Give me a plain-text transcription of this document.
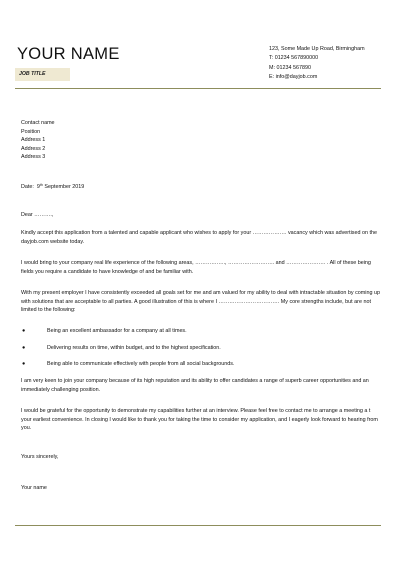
YOUR NAME
JOB TITLE
123, Some Made Up Road, Birmingham
T: 01234 567890000
M: 01234 567890
E: info@dayjob.com
Contact name
Position
Address 1
Address 2
Address 3
Date: 9th September 2019
Dear ……….,
Kindly accept this application from a talented and capable applicant who wishes to apply for your ………………. vacancy which was advertised on the dayjob.com website today.
I would bring to your company real life experience of the following areas, …………….., …………………….. and …………………. . All of these being fields you require a candidate to have knowledge of and be familiar with.
With my present employer I have consistently exceeded all goals set for me and am valued for my ability to deal with intractable situation by coming up with solutions that are acceptable to all parties. A good illustration of this is where I ……………………………. My core strengths include, but are not limited to the following:
●	Being an excellent ambassador for a company at all times.
●	Delivering results on time, within budget, and to the highest specification.
●	Being able to communicate effectively with people from all social backgrounds.
I am very keen to join your company because of its high reputation and its ability to offer candidates a range of superb career opportunities and an immediately challenging position.
I would be grateful for the opportunity to demonstrate my capabilities further at an interview. Please feel free to contact me to arrange a meeting a t your earliest convenience. In closing I would like to thank you for taking the time to consider my application, and I eagerly look forward to hearing from you.
Yours sincerely,
Your name
